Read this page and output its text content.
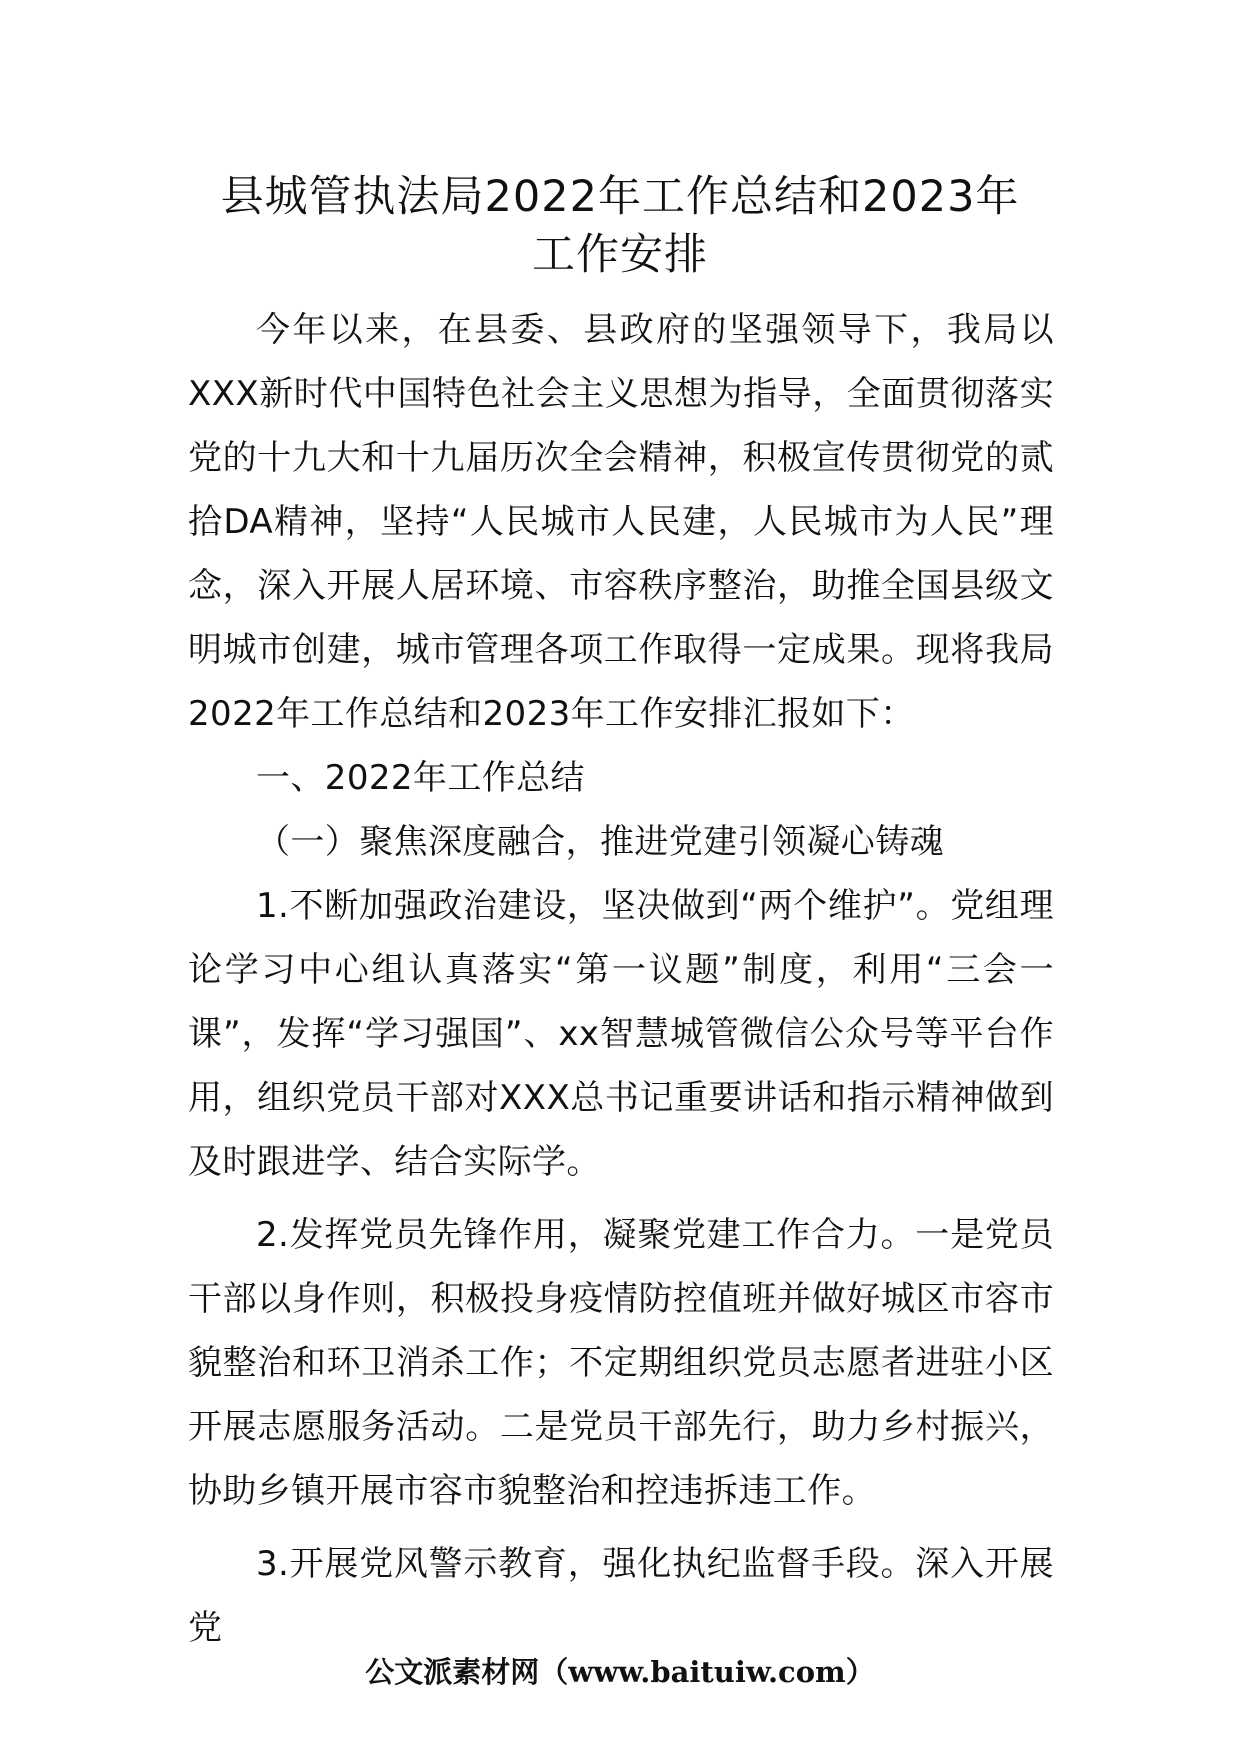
县城管执法局2022年工作总结和2023年
工作安排

今年以来，在县委、县政府的坚强领导下，我局以XXX新时代中国特色社会主义思想为指导，全面贯彻落实党的十九大和十九届历次全会精神，积极宣传贯彻党的贰拾DA精神，坚持“人民城市人民建，人民城市为人民”理念，深入开展人居环境、市容秩序整治，助推全国县级文明城市创建，城市管理各项工作取得一定成果。现将我局2022年工作总结和2023年工作安排汇报如下：

一、2022年工作总结

（一）聚焦深度融合，推进党建引领凝心铸魂

1.不断加强政治建设，坚决做到“两个维护”。党组理论学习中心组认真落实“第一议题”制度，利用“三会一课”，发挥“学习强国”、xx智慧城管微信公众号等平台作用，组织党员干部对XXX总书记重要讲话和指示精神做到及时跟进学、结合实际学。

2.发挥党员先锋作用，凝聚党建工作合力。一是党员干部以身作则，积极投身疫情防控值班并做好城区市容市貌整治和环卫消杀工作；不定期组织党员志愿者进驻小区开展志愿服务活动。二是党员干部先行，助力乡村振兴，协助乡镇开展市容市貌整治和控违拆违工作。

3.开展党风警示教育，强化执纪监督手段。深入开展党

公文派素材网（www.baituiw.com）
